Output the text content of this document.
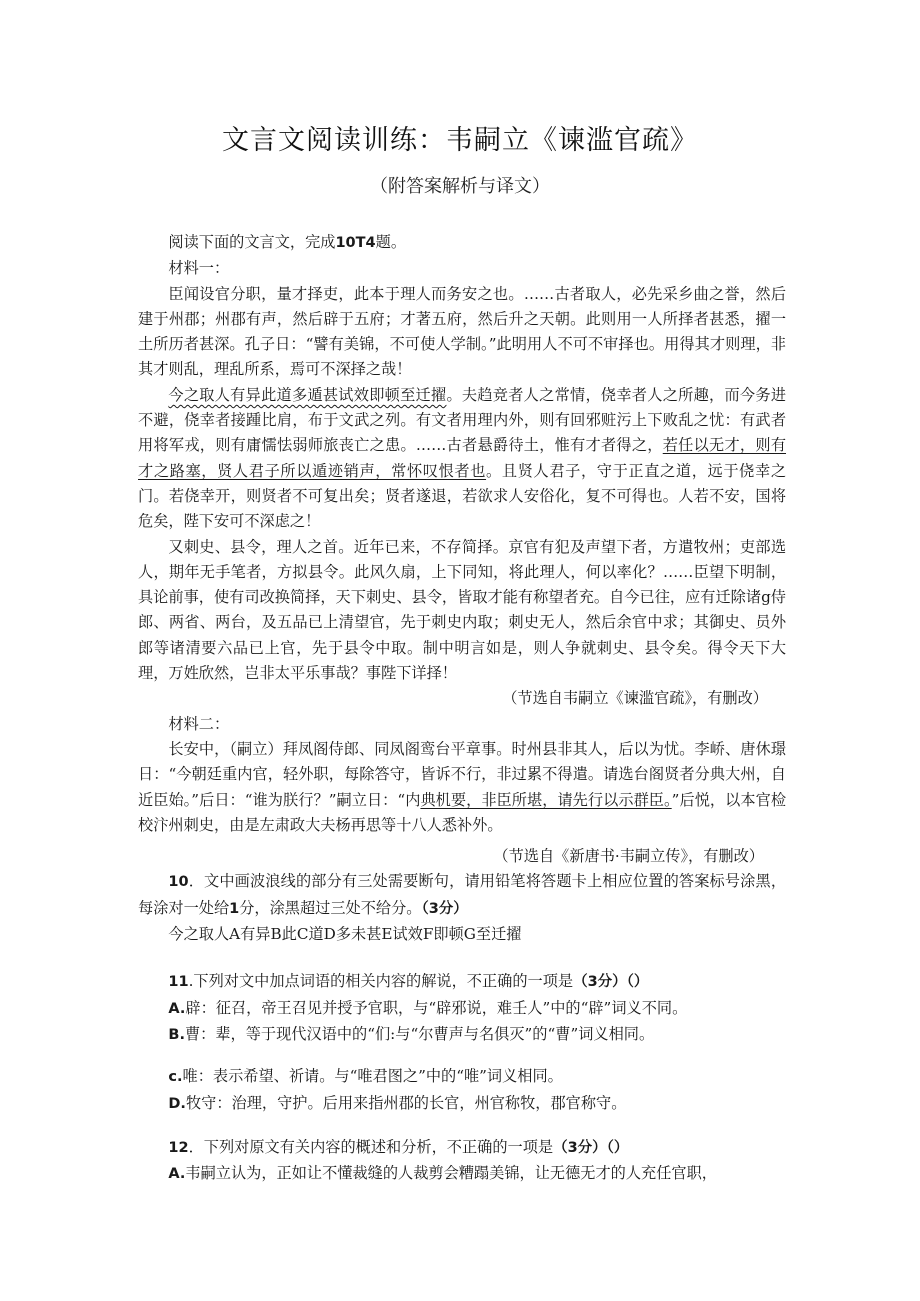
文言文阅读训练：韦嗣立《谏滥官疏》
（附答案解析与译文）

阅读下面的文言文，完成10T4题。

材料一：

臣闻设官分职，量才择吏，此本于理人而务安之也。……古者取人，必先采乡曲之誉，然后建于州郡；州郡有声，然后辟于五府；才著五府，然后升之天朝。此则用一人所择者甚悉，擢一土所历者甚深。孔子日：“譬有美锦，不可使人学制。”此明用人不可不审择也。用得其才则理，非其才则乱，理乱所系，焉可不深择之哉！

今之取人有异此道多遁甚试效即顿至迁擢。夫趋竞者人之常情，侥幸者人之所趣，而今务进不避，侥幸者接踵比肩，布于文武之列。有文者用理内外，则有回邪赃污上下败乱之忧：有武者用将军戎，则有庸懦怯弱师旅丧亡之患。……古者悬爵待土，惟有才者得之，若任以无才，则有才之路塞，贤人君子所以遁迹销声，常怀叹恨者也。且贤人君子，守于正直之道，远于侥幸之门。若侥幸开，则贤者不可复出矣；贤者遂退，若欲求人安俗化，复不可得也。人若不安，国将危矣，陛下安可不深虑之！

又刺史、县令，理人之首。近年已来，不存简择。京官有犯及声望下者，方遣牧州；吏部选人，期年无手笔者，方拟县令。此风久扇，上下同知，将此理人，何以率化？……臣望下明制，具论前事，使有司改换简择，天下刺史、县令，皆取才能有称望者充。自今已往，应有迁除诸g侍郎、两省、两台，及五品已上清望官，先于刺史内取；刺史无人，然后余官中求；其御史、员外郎等诸清要六品已上官，先于县令中取。制中明言如是，则人争就刺史、县令矣。得令天下大理，万姓欣然，岂非太平乐事哉？事陛下详择！

（节选自韦嗣立《谏滥官疏》，有删改）

材料二：

长安中，（嗣立）拜凤阁侍郎、同凤阁鸾台平章事。时州县非其人，后以为忧。李峤、唐休璟日：“今朝廷重内官，轻外职，每除答守，皆诉不行，非过累不得遣。请选台阁贤者分典大州，自近臣始。”后日：“谁为朕行？”嗣立日：“内典机要，非臣所堪，请先行以示群臣。”后悦，以本官检校汴州刺史，由是左肃政大夫杨再思等十八人悉补外。

（节选自《新唐书·韦嗣立传》，有删改）

10．文中画波浪线的部分有三处需要断句，请用铅笔将答题卡上相应位置的答案标号涂黑，每涂对一处给1分，涂黑超过三处不给分。（3分）

今之取人A有异B此C道D多未甚E试效F即顿G至迁擢

11.下列对文中加点词语的相关内容的解说，不正确的一项是（3分）（）

A.辟：征召，帝王召见并授予官职，与“辟邪说，难壬人”中的“辟”词义不同。

B.曹：辈，等于现代汉语中的“们:与“尔曹声与名俱灭”的“曹”词义相同。

c.唯：表示希望、祈请。与“唯君图之”中的“唯”词义相同。

D.牧守：治理，守护。后用来指州郡的长官，州官称牧，郡官称守。

12．下列对原文有关内容的概述和分析，不正确的一项是（3分）（）

A.韦嗣立认为，正如让不懂裁缝的人裁剪会糟蹋美锦，让无德无才的人充任官职，
